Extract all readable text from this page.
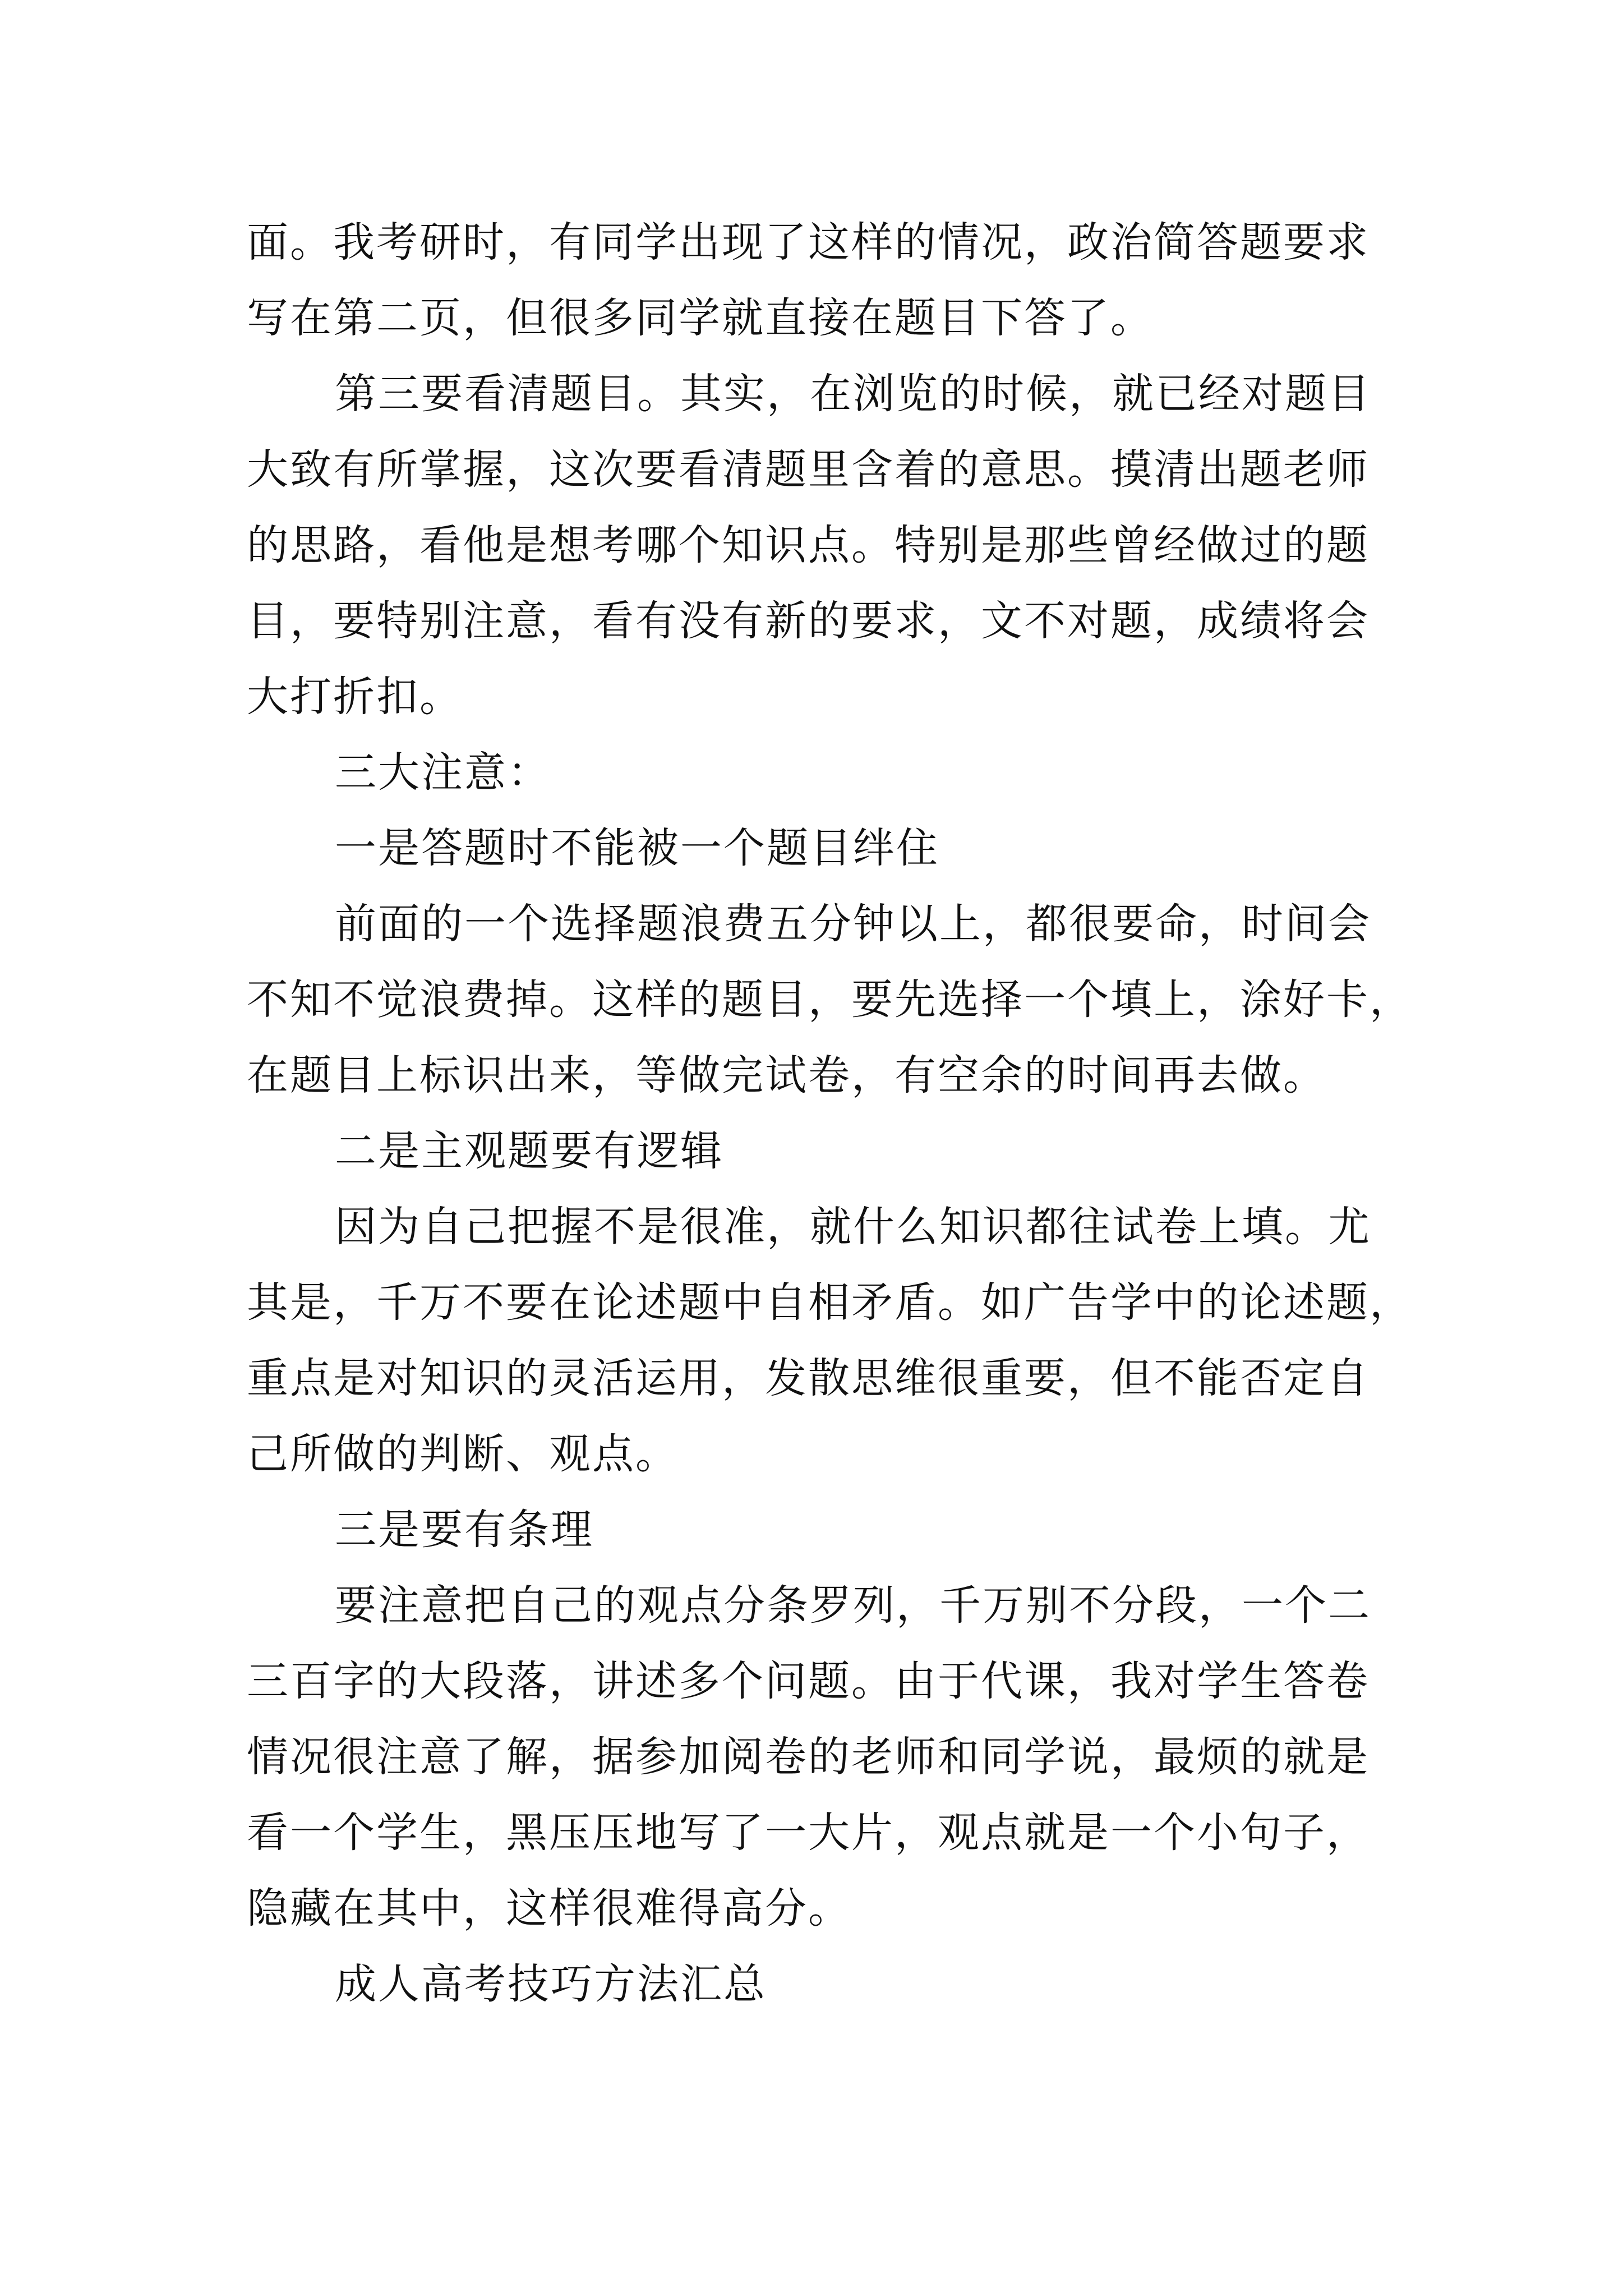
面。我考研时，有同学出现了这样的情况，政治简答题要求
写在第二页，但很多同学就直接在题目下答了。
第三要看清题目。其实，在浏览的时候，就已经对题目
大致有所掌握，这次要看清题里含着的意思。摸清出题老师
的思路，看他是想考哪个知识点。特别是那些曾经做过的题
目，要特别注意，看有没有新的要求，文不对题，成绩将会
大打折扣。
三大注意：
一是答题时不能被一个题目绊住
前面的一个选择题浪费五分钟以上，都很要命，时间会
不知不觉浪费掉。这样的题目，要先选择一个填上，涂好卡，
在题目上标识出来，等做完试卷，有空余的时间再去做。
二是主观题要有逻辑
因为自己把握不是很准，就什么知识都往试卷上填。尤
其是，千万不要在论述题中自相矛盾。如广告学中的论述题，
重点是对知识的灵活运用，发散思维很重要，但不能否定自
己所做的判断、观点。
三是要有条理
要注意把自己的观点分条罗列，千万别不分段，一个二
三百字的大段落，讲述多个问题。由于代课，我对学生答卷
情况很注意了解，据参加阅卷的老师和同学说，最烦的就是
看一个学生，黑压压地写了一大片，观点就是一个小句子，
隐藏在其中，这样很难得高分。
成人高考技巧方法汇总
